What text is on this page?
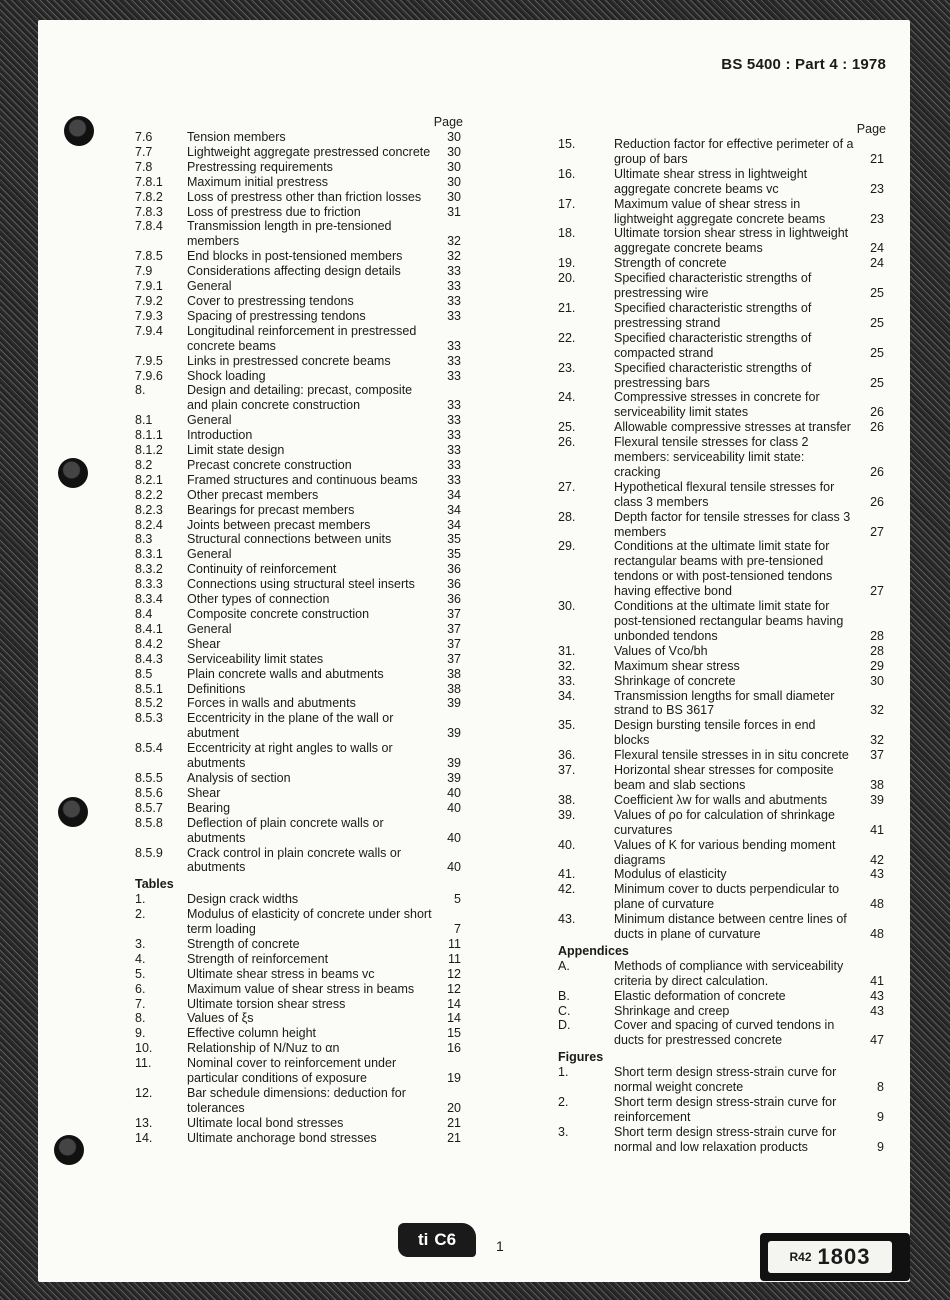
BS 5400 : Part 4 : 1978
Page
7.6	Tension members	30
7.7	Lightweight aggregate prestressed concrete 30
7.8	Prestressing requirements	30
7.8.1 Maximum initial prestress	30
7.8.2 Loss of prestress other than friction losses	30
7.8.3 Loss of prestress due to friction	31
7.8.4 Transmission length in pre-tensioned members	32
7.8.5 End blocks in post-tensioned members	32
7.9	Considerations affecting design details	33
7.9.1 General	33
7.9.2 Cover to prestressing tendons	33
7.9.3 Spacing of prestressing tendons	33
7.9.4 Longitudinal reinforcement in prestressed concrete beams	33
7.9.5 Links in prestressed concrete beams	33
7.9.6 Shock loading	33
8.	Design and detailing: precast, composite and plain concrete construction	33
8.1	General	33
8.1.1 Introduction	33
8.1.2 Limit state design	33
8.2	Precast concrete construction	33
8.2.1 Framed structures and continuous beams	33
8.2.2 Other precast members	34
8.2.3 Bearings for precast members	34
8.2.4 Joints between precast members	34
8.3	Structural connections between units	35
8.3.1 General	35
8.3.2 Continuity of reinforcement	36
8.3.3 Connections using structural steel inserts	36
8.3.4 Other types of connection	36
8.4	Composite concrete construction	37
8.4.1 General	37
8.4.2 Shear	37
8.4.3 Serviceability limit states	37
8.5	Plain concrete walls and abutments	38
8.5.1 Definitions	38
8.5.2 Forces in walls and abutments	39
8.5.3 Eccentricity in the plane of the wall or abutment	39
8.5.4 Eccentricity at right angles to walls or abutments	39
8.5.5 Analysis of section	39
8.5.6 Shear	40
8.5.7 Bearing	40
8.5.8 Deflection of plain concrete walls or abutments	40
8.5.9 Crack control in plain concrete walls or abutments	40
Tables
1.	Design crack widths	5
2.	Modulus of elasticity of concrete under short term loading	7
3.	Strength of concrete	11
4.	Strength of reinforcement	11
5.	Ultimate shear stress in beams vc	12
6.	Maximum value of shear stress in beams	12
7.	Ultimate torsion shear stress	14
8.	Values of ξs	14
9.	Effective column height	15
10.	Relationship of N/Nuz to αn	16
11.	Nominal cover to reinforcement under particular conditions of exposure	19
12.	Bar schedule dimensions: deduction for tolerances	20
13.	Ultimate local bond stresses	21
14.	Ultimate anchorage bond stresses	21
Page
15.	Reduction factor for effective perimeter of a group of bars	21
16.	Ultimate shear stress in lightweight aggregate concrete beams vc	23
17.	Maximum value of shear stress in lightweight aggregate concrete beams	23
18.	Ultimate torsion shear stress in lightweight aggregate concrete beams	24
19.	Strength of concrete	24
20.	Specified characteristic strengths of prestressing wire	25
21.	Specified characteristic strengths of prestressing strand	25
22.	Specified characteristic strengths of compacted strand	25
23.	Specified characteristic strengths of prestressing bars	25
24.	Compressive stresses in concrete for serviceability limit states	26
25.	Allowable compressive stresses at transfer 26
26.	Flexural tensile stresses for class 2 members: serviceability limit state: cracking	26
27.	Hypothetical flexural tensile stresses for class 3 members	26
28.	Depth factor for tensile stresses for class 3 members	27
29.	Conditions at the ultimate limit state for rectangular beams with pre-tensioned tendons or with post-tensioned tendons having effective bond	27
30.	Conditions at the ultimate limit state for post-tensioned rectangular beams having unbonded tendons	28
31.	Values of Vco/bh	28
32.	Maximum shear stress	29
33.	Shrinkage of concrete	30
34.	Transmission lengths for small diameter strand to BS 3617	32
35.	Design bursting tensile forces in end blocks	32
36.	Flexural tensile stresses in in situ concrete	37
37.	Horizontal shear stresses for composite beam and slab sections	38
38.	Coefficient λw for walls and abutments	39
39.	Values of ρo for calculation of shrinkage curvatures	41
40.	Values of K for various bending moment diagrams	42
41.	Modulus of elasticity	43
42.	Minimum cover to ducts perpendicular to plane of curvature	48
43.	Minimum distance between centre lines of ducts in plane of curvature	48
Appendices
A.	Methods of compliance with serviceability criteria by direct calculation.	41
B.	Elastic deformation of concrete	43
C.	Shrinkage and creep	43
D.	Cover and spacing of curved tendons in ducts for prestressed concrete	47
Figures
1.	Short term design stress-strain curve for normal weight concrete	8
2.	Short term design stress-strain curve for reinforcement	9
3.	Short term design stress-strain curve for normal and low relaxation products	9
ti C6	1
R42 1803
